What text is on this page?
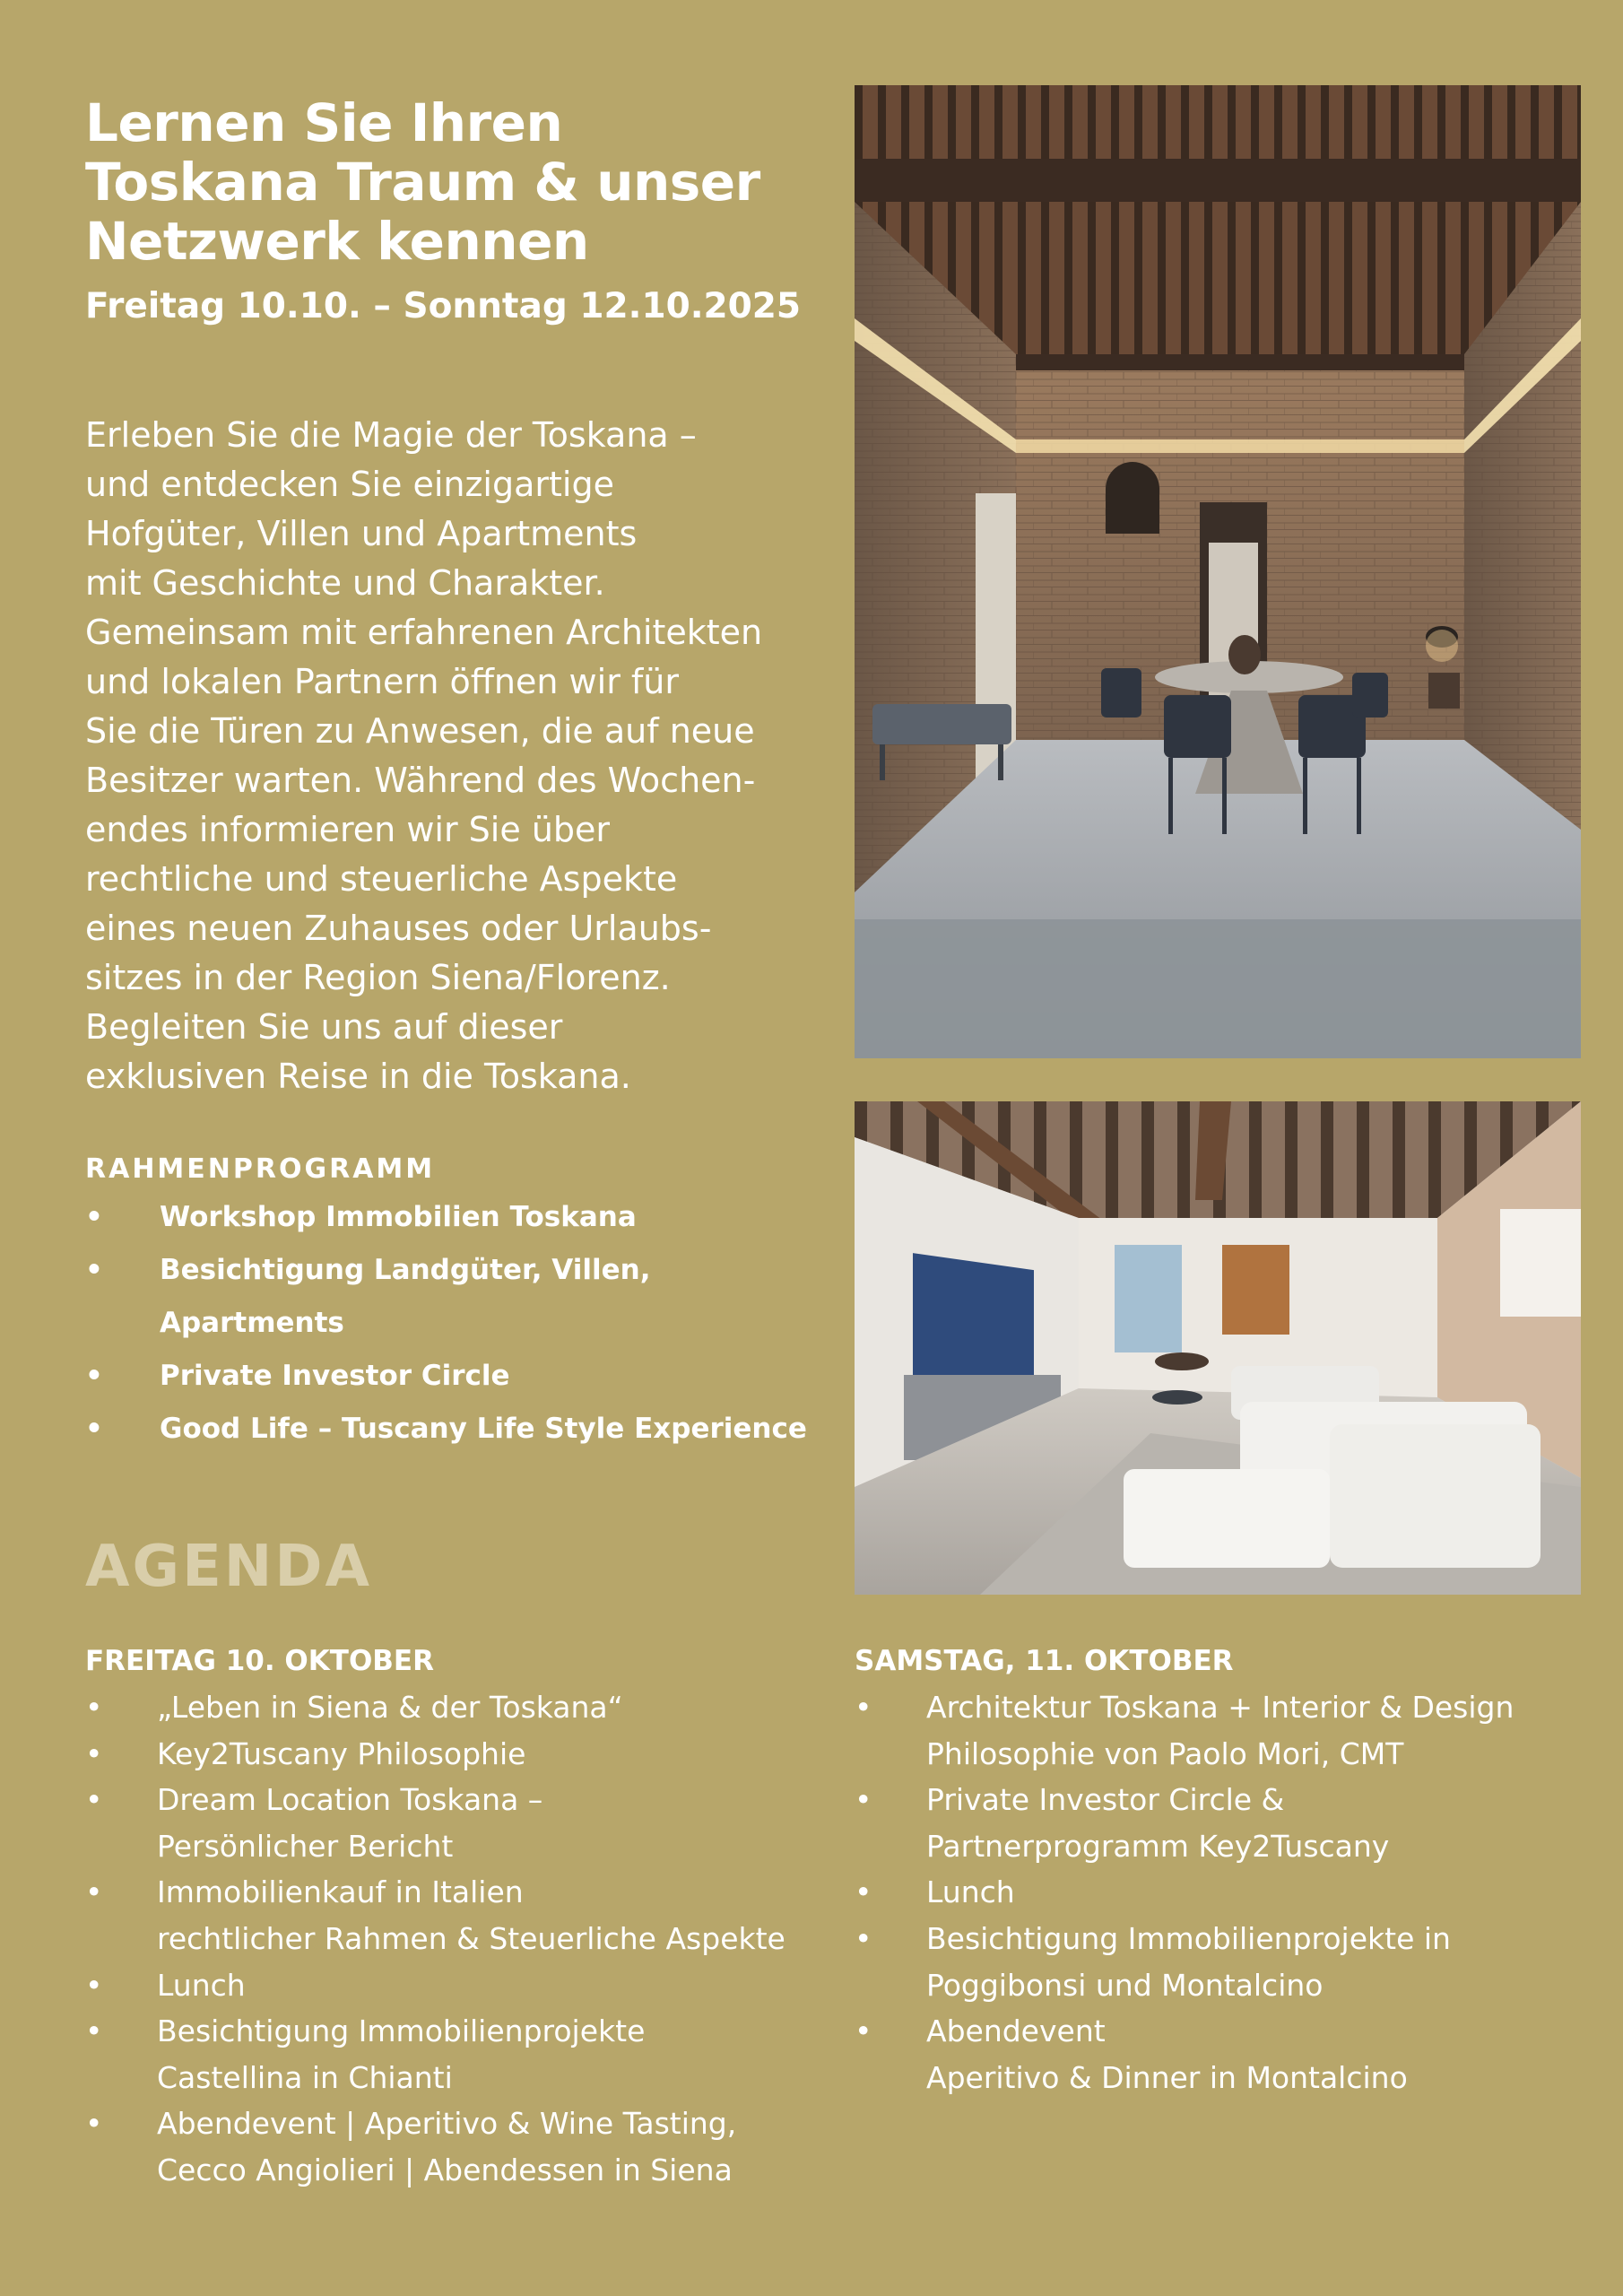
Lernen Sie Ihren
Toskana Traum & unser
Netzwerk kennen
Freitag 10.10. – Sonntag 12.10.2025
Erleben Sie die Magie der Toskana –
und entdecken Sie einzigartige
Hofgüter, Villen und Apartments
mit Geschichte und Charakter.
Gemeinsam mit erfahrenen Architekten
und lokalen Partnern öffnen wir für
Sie die Türen zu Anwesen, die auf neue
Besitzer warten. Während des Wochen-
endes informieren wir Sie über
rechtliche und steuerliche Aspekte
eines neuen Zuhauses oder Urlaubs-
sitzes in der Region Siena/Florenz.
Begleiten Sie uns auf dieser
exklusiven Reise in die Toskana.
RAHMENPROGRAMM
• Workshop Immobilien Toskana
• Besichtigung Landgüter, Villen,
Apartments
• Private Investor Circle
• Good Life – Tuscany Life Style Experience
AGENDA
FREITAG 10. OKTOBER
• „Leben in Siena & der Toskana“
• Key2Tuscany Philosophie
• Dream Location Toskana –
Persönlicher Bericht
• Immobilienkauf in Italien
rechtlicher Rahmen & Steuerliche Aspekte
• Lunch
• Besichtigung Immobilienprojekte
Castellina in Chianti
• Abendevent | Aperitivo & Wine Tasting,
Cecco Angiolieri | Abendessen in Siena
SAMSTAG, 11. OKTOBER
• Architektur Toskana + Interior & Design
Philosophie von Paolo Mori, CMT
• Private Investor Circle &
Partnerprogramm Key2Tuscany
• Lunch
• Besichtigung Immobilienprojekte in
Poggibonsi und Montalcino
• Abendevent
Aperitivo & Dinner in Montalcino
